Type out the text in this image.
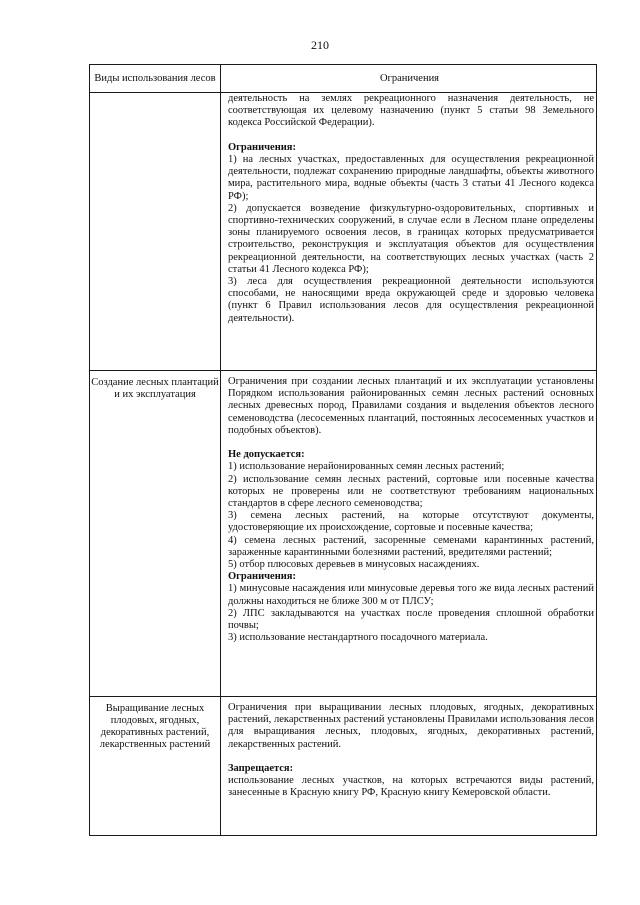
210
Виды использования лесов	Ограничения

деятельность на землях рекреационного назначения деятельность, не соответствующая их целевому назначению (пункт 5 статьи 98 Земельного кодекса Российской Федерации).

Ограничения:

1) на лесных участках, предоставленных для осуществления рекреационной деятельности, подлежат сохранению природные ландшафты, объекты животного мира, растительного мира, водные объекты (часть 3 статьи 41 Лесного кодекса РФ);

2) допускается возведение физкультурно-оздоровительных, спортивных и спортивно-технических сооружений, в случае если в Лесном плане определены зоны планируемого освоения лесов, в границах которых предусматривается строительство, реконструкция и эксплуатация объектов для осуществления рекреационной деятельности, на соответствующих лесных участках (часть 2 статьи 41 Лесного кодекса РФ);

3) леса для осуществления рекреационной деятельности используются способами, не наносящими вреда окружающей среде и здоровью человека (пункт 6 Правил использования лесов для осуществления рекреационной деятельности).

Создание лесных плантаций и их эксплуатация

Ограничения при создании лесных плантаций и их эксплуатации установлены Порядком использования районированных семян лесных растений основных лесных древесных пород, Правилами создания и выделения объектов лесного семеноводства (лесосеменных плантаций, постоянных лесосеменных участков и подобных объектов).

Не допускается:

1) использование нерайонированных семян лесных растений;

2) использование семян лесных растений, сортовые или посевные качества которых не проверены или не соответствуют требованиям национальных стандартов в сфере лесного семеноводства;

3) семена лесных растений, на которые отсутствуют документы, удостоверяющие их происхождение, сортовые и посевные качества;

4) семена лесных растений, засоренные семенами карантинных растений, зараженные карантинными болезнями растений, вредителями растений;

5) отбор плюсовых деревьев в минусовых насаждениях.

Ограничения:

1) минусовые насаждения или минусовые деревья того же вида лесных растений должны находиться не ближе 300 м от ПЛСУ;

2) ЛПС закладываются на участках после проведения сплошной обработки почвы;

3) использование нестандартного посадочного материала.

Выращивание лесных плодовых, ягодных, декоративных растений, лекарственных растений

Ограничения при выращивании лесных плодовых, ягодных, декоративных растений, лекарственных растений установлены Правилами использования лесов для выращивания лесных, плодовых, ягодных, декоративных растений, лекарственных растений.

Запрещается:

использование лесных участков, на которых встречаются виды растений, занесенные в Красную книгу РФ, Красную книгу Кемеровской области.
